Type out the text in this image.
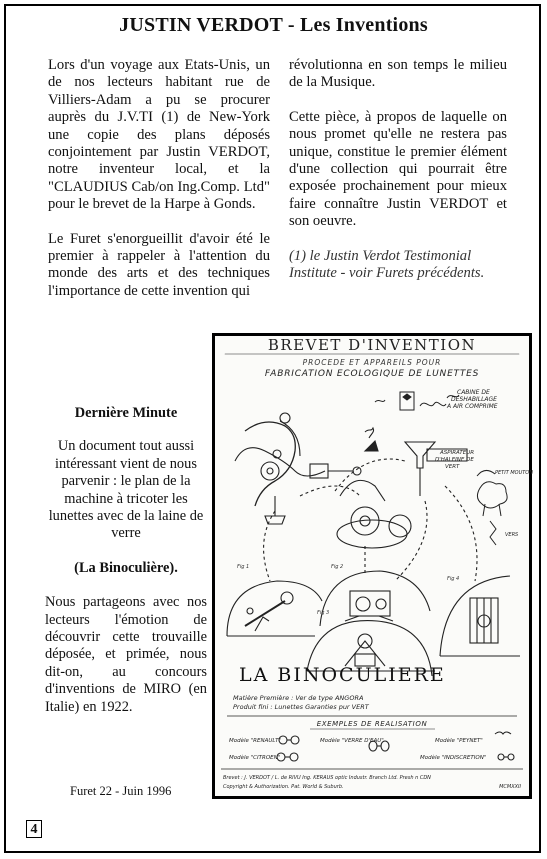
JUSTIN VERDOT - Les Inventions

Lors d'un voyage aux Etats-Unis, un de nos lecteurs habitant rue de Villiers-Adam a pu se procurer auprès du J.V.TI (1) de New-York une copie des plans déposés conjointement par Justin VERDOT, notre inventeur local, et la "CLAUDIUS Cab/on Ing.Comp. Ltd" pour le brevet de la Harpe à Gonds.

Le Furet s'enorgueillit d'avoir été le premier à rappeler à l'attention du monde des arts et des techniques l'importance de cette invention qui

révolutionna en son temps le milieu de la Musique.

Cette pièce, à propos de laquelle on nous promet qu'elle ne restera pas unique, constitue le premier élément d'une collection qui pourrait être exposée prochainement pour mieux faire connaître Justin VERDOT et son oeuvre.

(1) le Justin Verdot Testimonial Institute - voir Furets précédents.

Dernière Minute

Un document tout aussi intéressant vient de nous parvenir : le plan de la machine à tricoter les lunettes avec de la laine de verre

(La Binoculière).

Nous partageons avec nos lecteurs l'émotion de découvrir cette trouvaille déposée, et primée, nous dit-on, au concours d'inventions de MIRO (en Italie) en 1922.

Furet 22 - Juin 1996
4
BREVET D'INVENTION
PROCEDE ET APPAREILS POUR
FABRICATION ECOLOGIQUE DE LUNETTES
CABINE DE
DESHABILLAGE
A AIR COMPRIME
ASPIRATEUR
D'HALEINE DE
VERT
PETIT MOUTON
VERS
Fig 1	Fig 2
Fig 3
Fig 4
LA BINOCULIERE
Matière Première : Ver de type ANGORA
Produit fini : Lunettes Garanties pur VERT
EXEMPLES DE REALISATION
Modèle "RENAULT"	Modèle "VERRE D'EAU"	Modèle "PEYNET"
Modèle "CITROEN"	Modèle "INDISCRETION"
Brevet : J. VERDOT / L. de RIVU Ing. KERAUS optic Industr. Branch Ltd. Presh n CDN
Copyright & Authorization. Pat. World & Suburb.	MCMXXII
